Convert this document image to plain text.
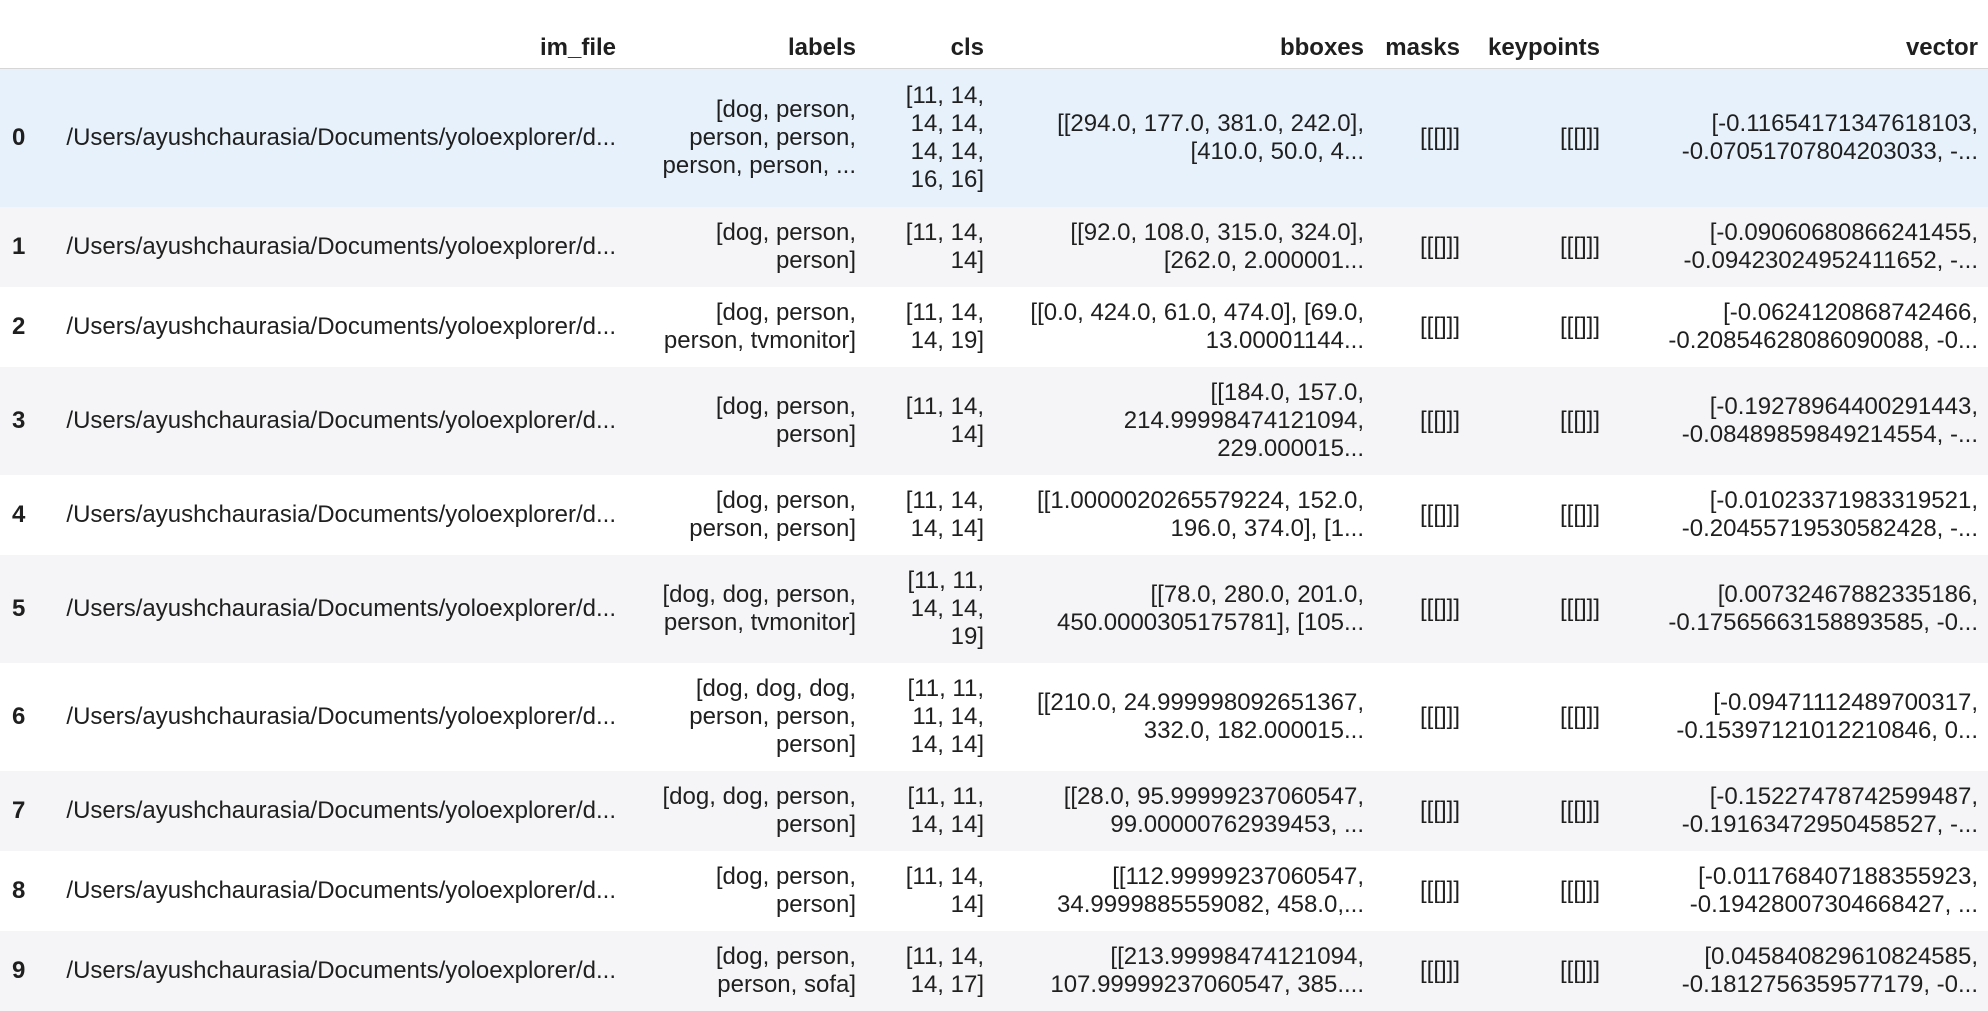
	im_file	labels	cls	bboxes	masks	keypoints	vector
0	/Users/ayushchaurasia/Documents/yoloexplorer/d...	[dog, person, person, person, person, person, ...	[11, 14, 14, 14, 14, 14, 16, 16]	[[294.0, 177.0, 381.0, 242.0], [410.0, 50.0, 4...	[[[]]]	[[[]]]	[-0.11654171347618103, -0.07051707804203033, -...
1	/Users/ayushchaurasia/Documents/yoloexplorer/d...	[dog, person, person]	[11, 14, 14]	[[92.0, 108.0, 315.0, 324.0], [262.0, 2.000001...	[[[]]]	[[[]]]	[-0.09060680866241455, -0.09423024952411652, -...
2	/Users/ayushchaurasia/Documents/yoloexplorer/d...	[dog, person, person, tvmonitor]	[11, 14, 14, 19]	[[0.0, 424.0, 61.0, 474.0], [69.0, 13.00001144...	[[[]]]	[[[]]]	[-0.0624120868742466, -0.20854628086090088, -0...
3	/Users/ayushchaurasia/Documents/yoloexplorer/d...	[dog, person, person]	[11, 14, 14]	[[184.0, 157.0, 214.99998474121094, 229.000015...	[[[]]]	[[[]]]	[-0.19278964400291443, -0.08489859849214554, -...
4	/Users/ayushchaurasia/Documents/yoloexplorer/d...	[dog, person, person, person]	[11, 14, 14, 14]	[[1.0000020265579224, 152.0, 196.0, 374.0], [1...	[[[]]]	[[[]]]	[-0.01023371983319521, -0.20455719530582428, -...
5	/Users/ayushchaurasia/Documents/yoloexplorer/d...	[dog, dog, person, person, tvmonitor]	[11, 11, 14, 14, 19]	[[78.0, 280.0, 201.0, 450.0000305175781], [105...	[[[]]]	[[[]]]	[0.00732467882335186, -0.17565663158893585, -0...
6	/Users/ayushchaurasia/Documents/yoloexplorer/d...	[dog, dog, dog, person, person, person]	[11, 11, 11, 14, 14, 14]	[[210.0, 24.999998092651367, 332.0, 182.000015...	[[[]]]	[[[]]]	[-0.09471112489700317, -0.15397121012210846, 0...
7	/Users/ayushchaurasia/Documents/yoloexplorer/d...	[dog, dog, person, person]	[11, 11, 14, 14]	[[28.0, 95.99999237060547, 99.00000762939453, ...	[[[]]]	[[[]]]	[-0.15227478742599487, -0.19163472950458527, -...
8	/Users/ayushchaurasia/Documents/yoloexplorer/d...	[dog, person, person]	[11, 14, 14]	[[112.99999237060547, 34.9999885559082, 458.0,...	[[[]]]	[[[]]]	[-0.011768407188355923, -0.19428007304668427, ...
9	/Users/ayushchaurasia/Documents/yoloexplorer/d...	[dog, person, person, sofa]	[11, 14, 14, 17]	[[213.99998474121094, 107.99999237060547, 385....	[[[]]]	[[[]]]	[0.045840829610824585, -0.1812756359577179, -0...
